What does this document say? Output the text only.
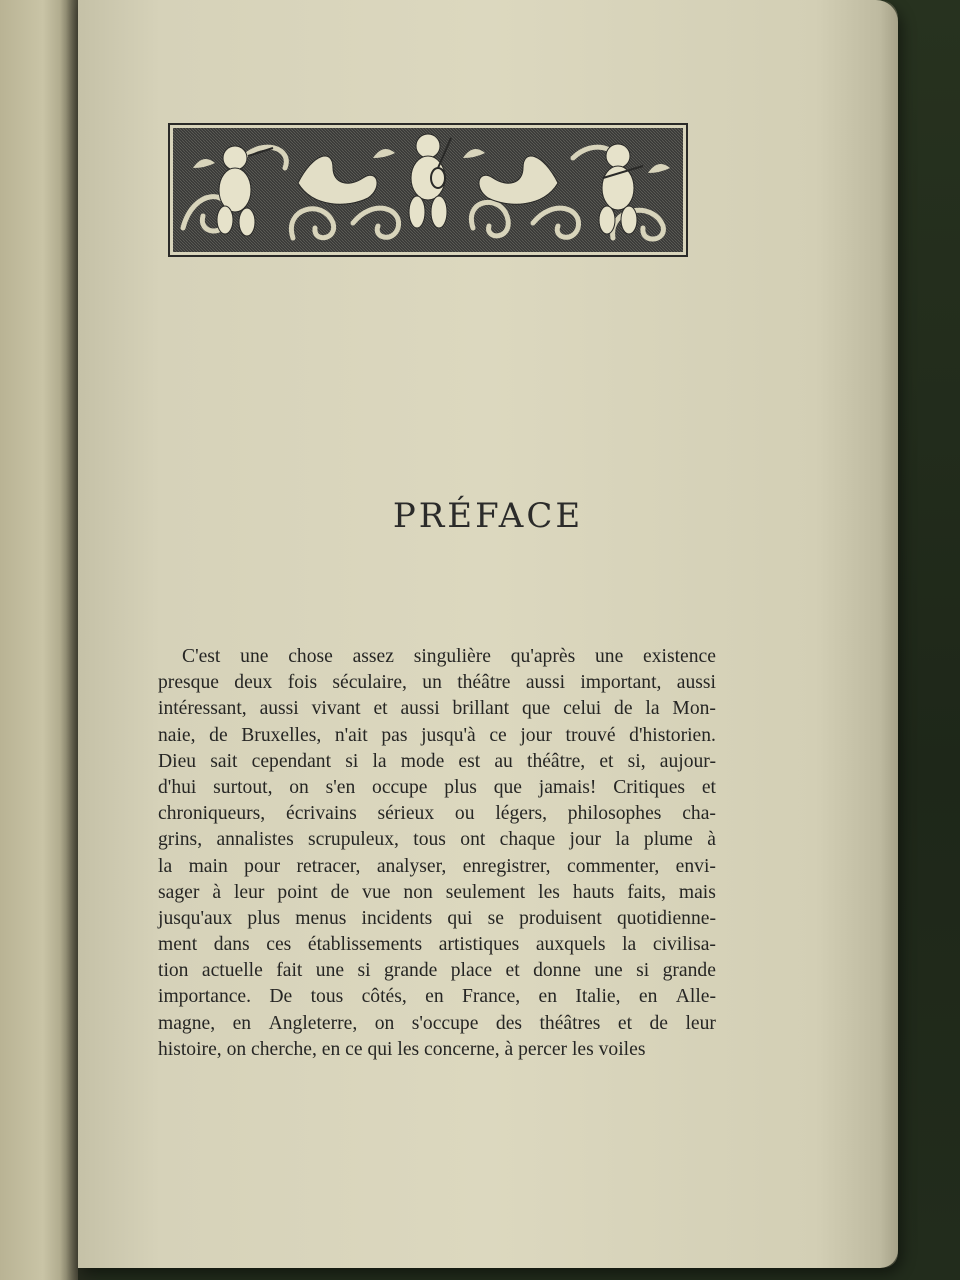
PRÉFACE
C'est une chose assez singulière qu'après une existence
presque deux fois séculaire, un théâtre aussi important, aussi
intéressant, aussi vivant et aussi brillant que celui de la Mon-
naie, de Bruxelles, n'ait pas jusqu'à ce jour trouvé d'historien.
Dieu sait cependant si la mode est au théâtre, et si, aujour-
d'hui surtout, on s'en occupe plus que jamais! Critiques et
chroniqueurs, écrivains sérieux ou légers, philosophes cha-
grins, annalistes scrupuleux, tous ont chaque jour la plume à
la main pour retracer, analyser, enregistrer, commenter, envi-
sager à leur point de vue non seulement les hauts faits, mais
jusqu'aux plus menus incidents qui se produisent quotidienne-
ment dans ces établissements artistiques auxquels la civilisa-
tion actuelle fait une si grande place et donne une si grande
importance. De tous côtés, en France, en Italie, en Alle-
magne, en Angleterre, on s'occupe des théâtres et de leur
histoire, on cherche, en ce qui les concerne, à percer les voiles
